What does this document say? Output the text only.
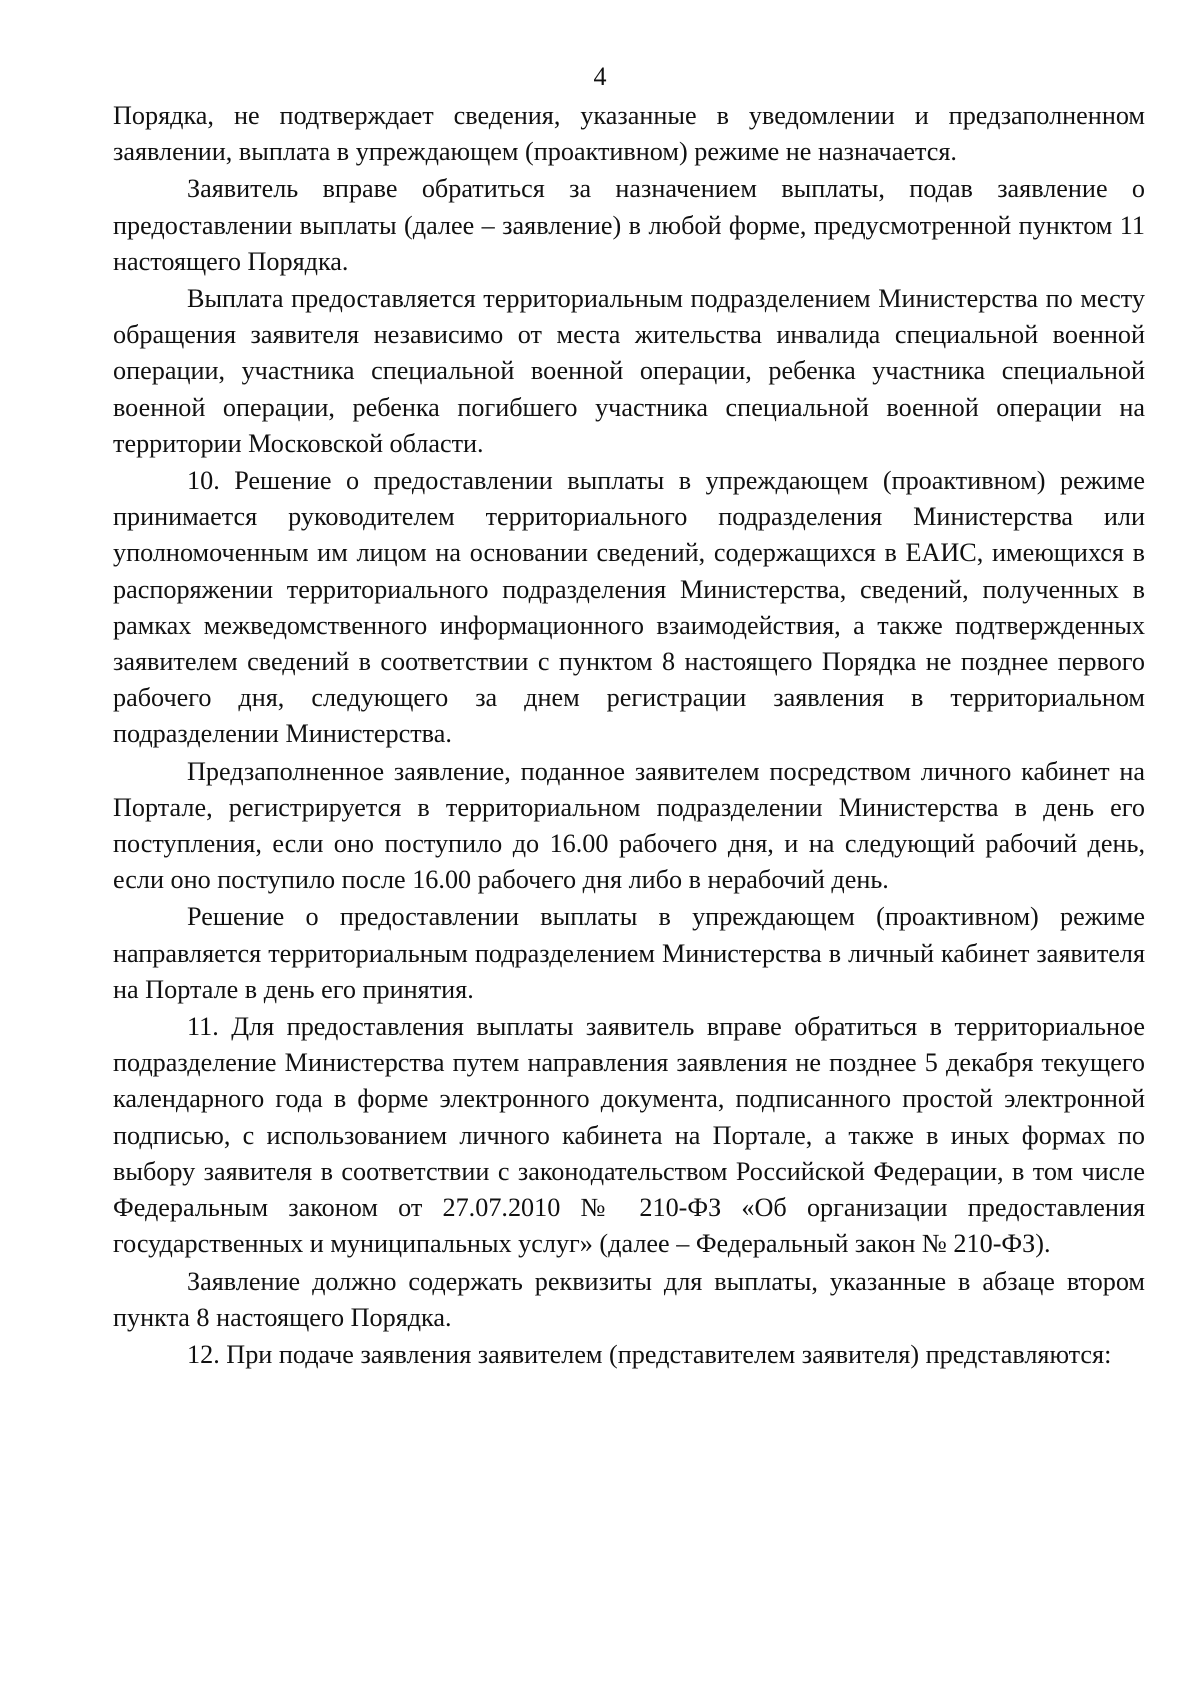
4

Порядка, не подтверждает сведения, указанные в уведомлении и предзаполненном заявлении, выплата в упреждающем (проактивном) режиме не назначается.

Заявитель вправе обратиться за назначением выплаты, подав заявление о предоставлении выплаты (далее – заявление) в любой форме, предусмотренной пунктом 11 настоящего Порядка.

Выплата предоставляется территориальным подразделением Министерства по месту обращения заявителя независимо от места жительства инвалида специальной военной операции, участника специальной военной операции, ребенка участника специальной военной операции, ребенка погибшего участника специальной военной операции на территории Московской области.

10. Решение о предоставлении выплаты в упреждающем (проактивном) режиме принимается руководителем территориального подразделения Министерства или уполномоченным им лицом на основании сведений, содержащихся в ЕАИС, имеющихся в распоряжении территориального подразделения Министерства, сведений, полученных в рамках межведомственного информационного взаимодействия, а также подтвержденных заявителем сведений в соответствии с пунктом 8 настоящего Порядка не позднее первого рабочего дня, следующего за днем регистрации заявления в территориальном подразделении Министерства.

Предзаполненное заявление, поданное заявителем посредством личного кабинет на Портале, регистрируется в территориальном подразделении Министерства в день его поступления, если оно поступило до 16.00 рабочего дня, и на следующий рабочий день, если оно поступило после 16.00 рабочего дня либо в нерабочий день.

Решение о предоставлении выплаты в упреждающем (проактивном) режиме направляется территориальным подразделением Министерства в личный кабинет заявителя на Портале в день его принятия.

11. Для предоставления выплаты заявитель вправе обратиться в территориальное подразделение Министерства путем направления заявления не позднее 5 декабря текущего календарного года в форме электронного документа, подписанного простой электронной подписью, с использованием личного кабинета на Портале, а также в иных формах по выбору заявителя в соответствии с законодательством Российской Федерации, в том числе Федеральным законом от 27.07.2010 № 210-ФЗ «Об организации предоставления государственных и муниципальных услуг» (далее – Федеральный закон № 210-ФЗ).

Заявление должно содержать реквизиты для выплаты, указанные в абзаце втором пункта 8 настоящего Порядка.

12. При подаче заявления заявителем (представителем заявителя) представляются:
